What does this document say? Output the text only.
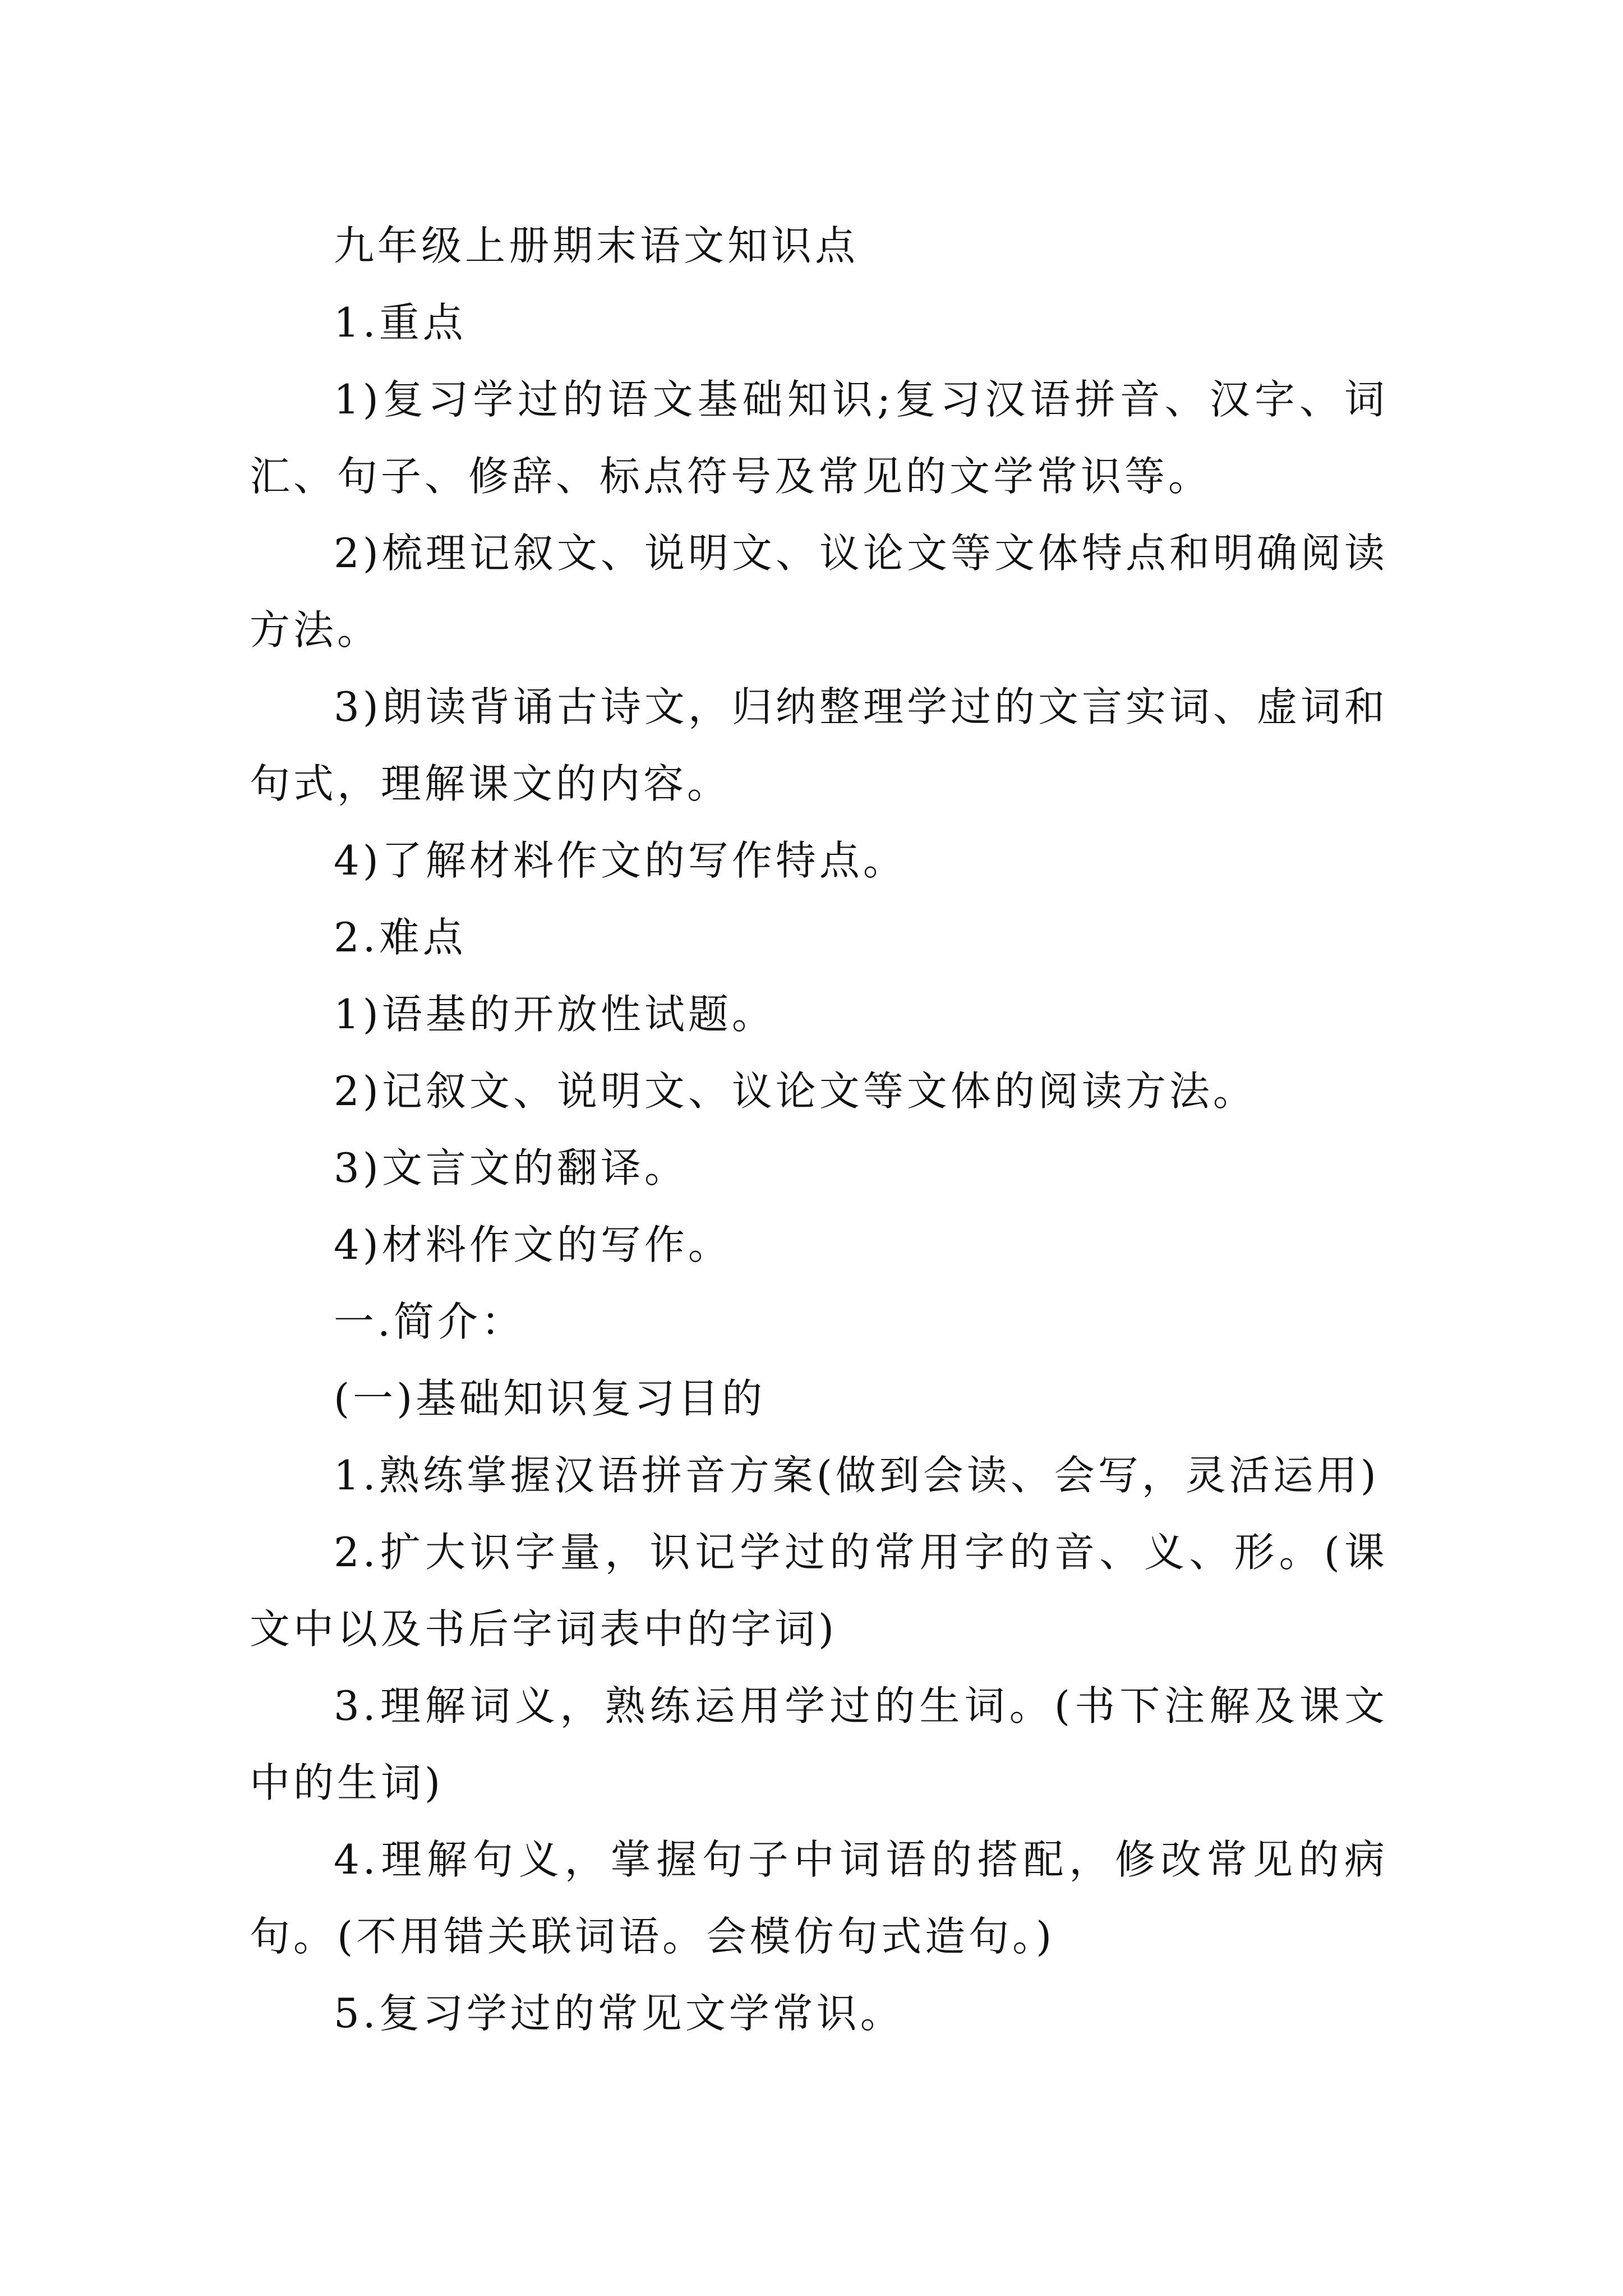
九年级上册期末语文知识点

1.重点

1)复习学过的语文基础知识;复习汉语拼音、汉字、词汇、句子、修辞、标点符号及常见的文学常识等。

2)梳理记叙文、说明文、议论文等文体特点和明确阅读方法。

3)朗读背诵古诗文，归纳整理学过的文言实词、虚词和句式，理解课文的内容。

4)了解材料作文的写作特点。

2.难点

1)语基的开放性试题。

2)记叙文、说明文、议论文等文体的阅读方法。

3)文言文的翻译。

4)材料作文的写作。

一.简介：

(一)基础知识复习目的

1.熟练掌握汉语拼音方案(做到会读、会写，灵活运用)

2.扩大识字量，识记学过的常用字的音、义、形。(课文中以及书后字词表中的字词)

3.理解词义，熟练运用学过的生词。(书下注解及课文中的生词)

4.理解句义，掌握句子中词语的搭配，修改常见的病句。(不用错关联词语。会模仿句式造句。)

5.复习学过的常见文学常识。
